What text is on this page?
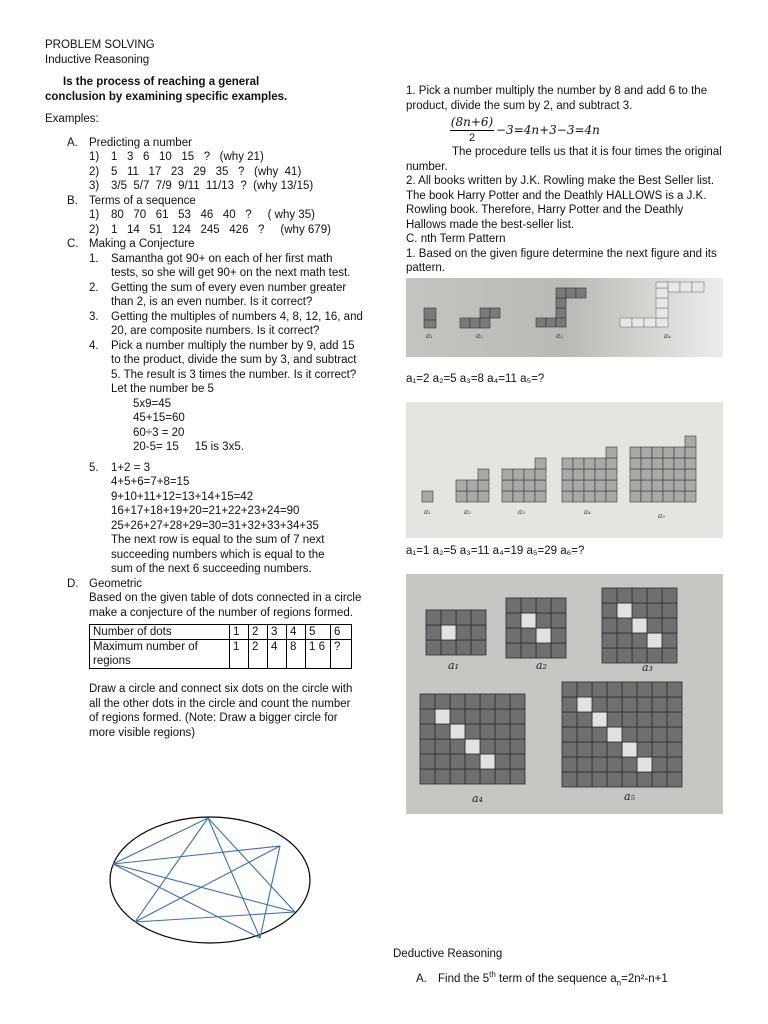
PROBLEM SOLVING
Inductive Reasoning
Is the process of reaching a general conclusion by examining specific examples.
Examples:
A. Predicting a number
1)	1   3   6   10   15   ?   (why 21)
2)	5   11   17   23   29   35   ?   (why  41)
3)	3/5  5/7  7/9  9/11  11/13  ?  (why 13/15)
B. Terms of a sequence
1)	80   70   61   53   46   40   ?     ( why 35)
2)	1   14   51   124   245   426   ?     (why 679)
C. Making a Conjecture
1.	Samantha got 90+ on each of her first math tests, so she will get 90+ on the next math test.
2.	Getting the sum of every even number greater than 2, is an even number. Is it correct?
3.	Getting the multiples of numbers 4, 8, 12, 16, and 20, are composite numbers. Is it correct?
4.	Pick a number multiply the number by 9, add 15 to the product, divide the sum by 3, and subtract 5. The result is 3 times the number. Is it correct?
Let the number be 5
5x9=45
45+15=60
60÷3 = 20
20-5= 15     15 is 3x5.
5.	1+2 = 3
4+5+6=7+8=15
9+10+11+12=13+14+15=42
16+17+18+19+20=21+22+23+24=90
25+26+27+28+29=30=31+32+33+34+35
The next row is equal to the sum of 7 next
succeeding numbers which is equal to the
sum of the next 6 succeeding numbers.
D. Geometric
Based on the given table of dots connected in a circle make a conjecture of the number of regions formed.
Number of dots	1	2	3	4	5	6
Maximum number of regions	1	2	4	8	1 6	?
Draw a circle and connect six dots on the circle with all the other dots in the circle and count the number of regions formed. (Note: Draw a bigger circle for more visible regions)
1. Pick a number multiply the number by 8 and add 6 to the product, divide the sum by 2, and subtract 3.
$\frac{(8n+6)}{2} -3=4n+3-3=4n$
The procedure tells us that it is four times the original number.
2. All books written by J.K. Rowling make the Best Seller list. The book Harry Potter and the Deathly HALLOWS is a J.K. Rowling book. Therefore, Harry Potter and the Deathly Hallows made the best-seller list.
C. nth Term Pattern
1. Based on the given figure determine the next figure and its pattern.
a₁	a₂	a₃	a₄
a₁=2 a₂=5 a₃=8 a₄=11 a₅=?
a₁	a₂	a₃	a₄	a₅
a₁=1 a₂=5 a₃=11 a₄=19 a₅=29 a₆=?
a₁	a₂	a₃
a₄	a₅
Deductive Reasoning
A. Find the 5th term of the sequence $a_n=2n^2-n+1$
